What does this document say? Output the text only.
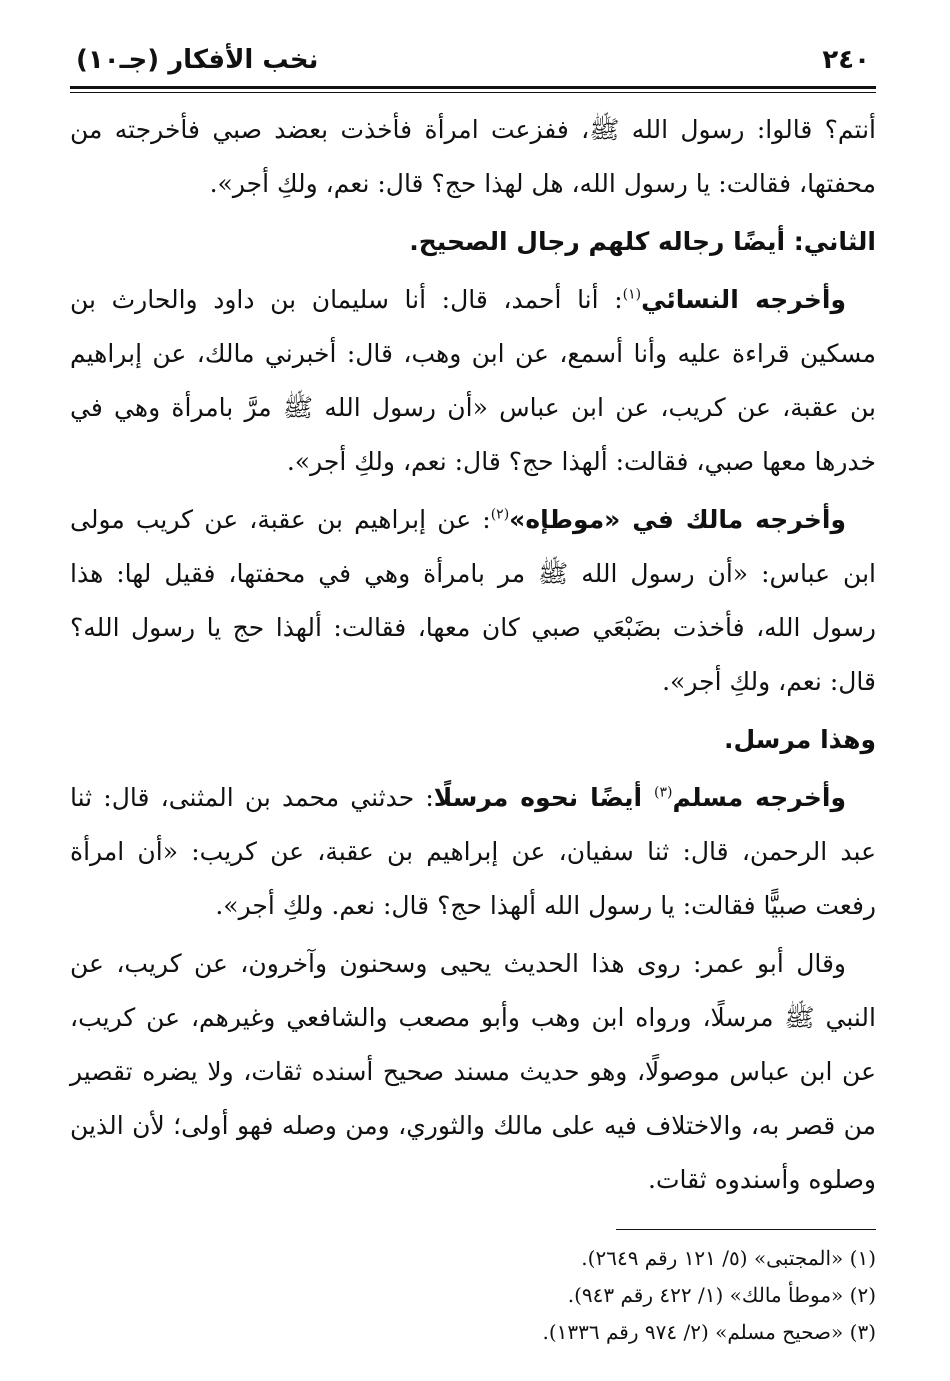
٢٤٠
نخب الأفكار (جـ١٠)

أنتم؟ قالوا: رسول الله ﷺ، ففزعت امرأة فأخذت بعضد صبي فأخرجته من محفتها، فقالت: يا رسول الله، هل لهذا حج؟ قال: نعم، ولكِ أجر».

الثاني: أيضًا رجاله كلهم رجال الصحيح.

وأخرجه النسائي$^{(١)}$: أنا أحمد، قال: أنا سليمان بن داود والحارث بن مسكين قراءة عليه وأنا أسمع، عن ابن وهب، قال: أخبرني مالك، عن إبراهيم بن عقبة، عن كريب، عن ابن عباس «أن رسول الله ﷺ مرَّ بامرأة وهي في خدرها معها صبي، فقالت: ألهذا حج؟ قال: نعم، ولكِ أجر».

وأخرجه مالك في «موطإه»$^{(٢)}$: عن إبراهيم بن عقبة، عن كريب مولى ابن عباس: «أن رسول الله ﷺ مر بامرأة وهي في محفتها، فقيل لها: هذا رسول الله، فأخذت بضَبْعَي صبي كان معها، فقالت: ألهذا حج يا رسول الله؟ قال: نعم، ولكِ أجر».

وهذا مرسل.

وأخرجه مسلم$^{(٣)}$ أيضًا نحوه مرسلًا: حدثني محمد بن المثنى، قال: ثنا عبد الرحمن، قال: ثنا سفيان، عن إبراهيم بن عقبة، عن كريب: «أن امرأة رفعت صبيًّا فقالت: يا رسول الله ألهذا حج؟ قال: نعم. ولكِ أجر».

وقال أبو عمر: روى هذا الحديث يحيى وسحنون وآخرون، عن كريب، عن النبي ﷺ مرسلًا، ورواه ابن وهب وأبو مصعب والشافعي وغيرهم، عن كريب، عن ابن عباس موصولًا، وهو حديث مسند صحيح أسنده ثقات، ولا يضره تقصير من قصر به، والاختلاف فيه على مالك والثوري، ومن وصله فهو أولى؛ لأن الذين وصلوه وأسندوه ثقات.

(١) «المجتبى» (٥/ ١٢١ رقم ٢٦٤٩).
(٢) «موطأ مالك» (١/ ٤٢٢ رقم ٩٤٣).
(٣) «صحيح مسلم» (٢/ ٩٧٤ رقم ١٣٣٦).
